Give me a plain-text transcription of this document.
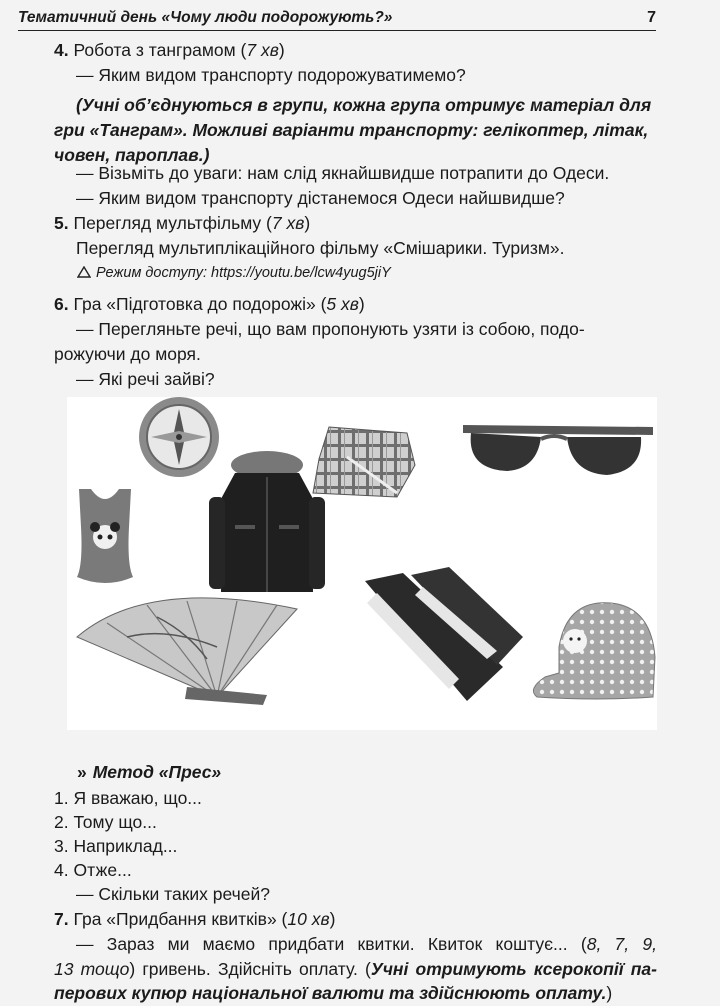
Тематичний день «Чому люди подорожують?»	7
4. Робота з танграмом (7 хв)
— Яким видом транспорту подорожуватимемо?
(Учні об’єднуються в групи, кожна група отримує матеріал для
гри «Танграм». Можливі варіанти транспорту: гелікоптер, літак,
човен, пароплав.)
— Візьміть до уваги: нам слід якнайшвидше потрапити до Одеси.
— Яким видом транспорту дістанемося Одеси найшвидше?
5. Перегляд мультфільму (7 хв)
Перегляд мультиплікаційного фільму «Смішарики. Туризм».
Режим доступу: https://youtu.be/lcw4yug5jiY
6. Гра «Підготовка до подорожі» (5 хв)
— Перегляньте речі, що вам пропонують узяти із собою, подо-
рожуючи до моря.
— Які речі зайві?
» Метод «Прес»
1. Я вважаю, що...
2. Тому що...
3. Наприклад...
4. Отже...
— Скільки таких речей?
7. Гра «Придбання квитків» (10 хв)
— Зараз ми маємо придбати квитки. Квиток коштує... (8, 7, 9,
13 тощо) гривень. Здійсніть оплату. (Учні отримують ксерокопії па-
перових купюр національної валюти та здійснюють оплату.)
